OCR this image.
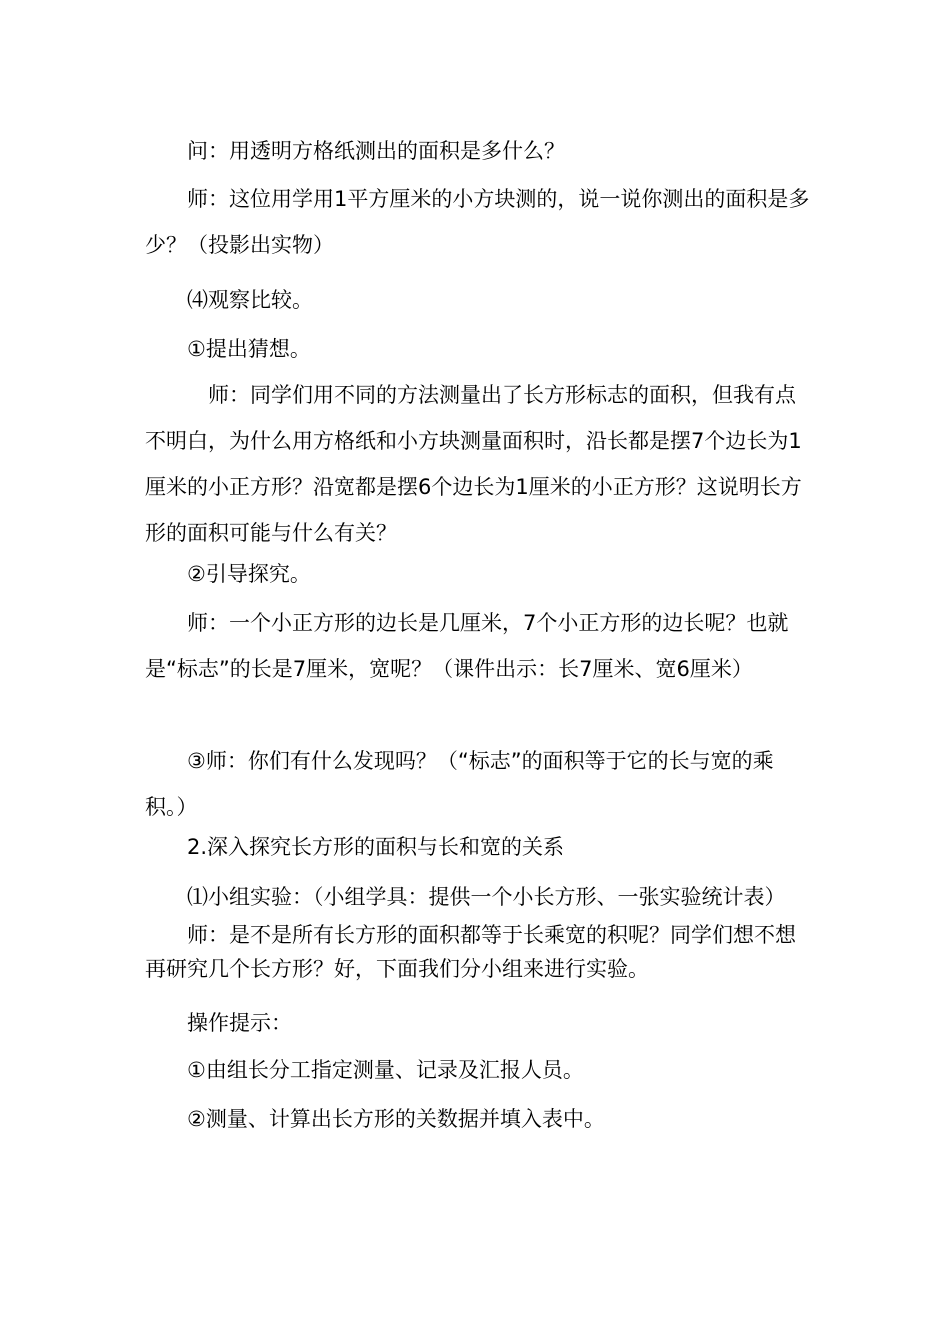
问：用透明方格纸测出的面积是多什么？

师：这位用学用1平方厘米的小方块测的，说一说你测出的面积是多少？（投影出实物）

⑷观察比较。

①提出猜想。

师：同学们用不同的方法测量出了长方形标志的面积，但我有点不明白，为什么用方格纸和小方块测量面积时，沿长都是摆7个边长为1厘米的小正方形？沿宽都是摆6个边长为1厘米的小正方形？这说明长方形的面积可能与什么有关？

②引导探究。

师：一个小正方形的边长是几厘米，7个小正方形的边长呢？也就是“标志”的长是7厘米，宽呢？（课件出示：长7厘米、宽6厘米）

③师：你们有什么发现吗？（“标志”的面积等于它的长与宽的乘积。）

2.深入探究长方形的面积与长和宽的关系

⑴小组实验：（小组学具：提供一个小长方形、一张实验统计表）

师：是不是所有长方形的面积都等于长乘宽的积呢？同学们想不想再研究几个长方形？好，下面我们分小组来进行实验。

操作提示：

①由组长分工指定测量、记录及汇报人员。

②测量、计算出长方形的关数据并填入表中。
